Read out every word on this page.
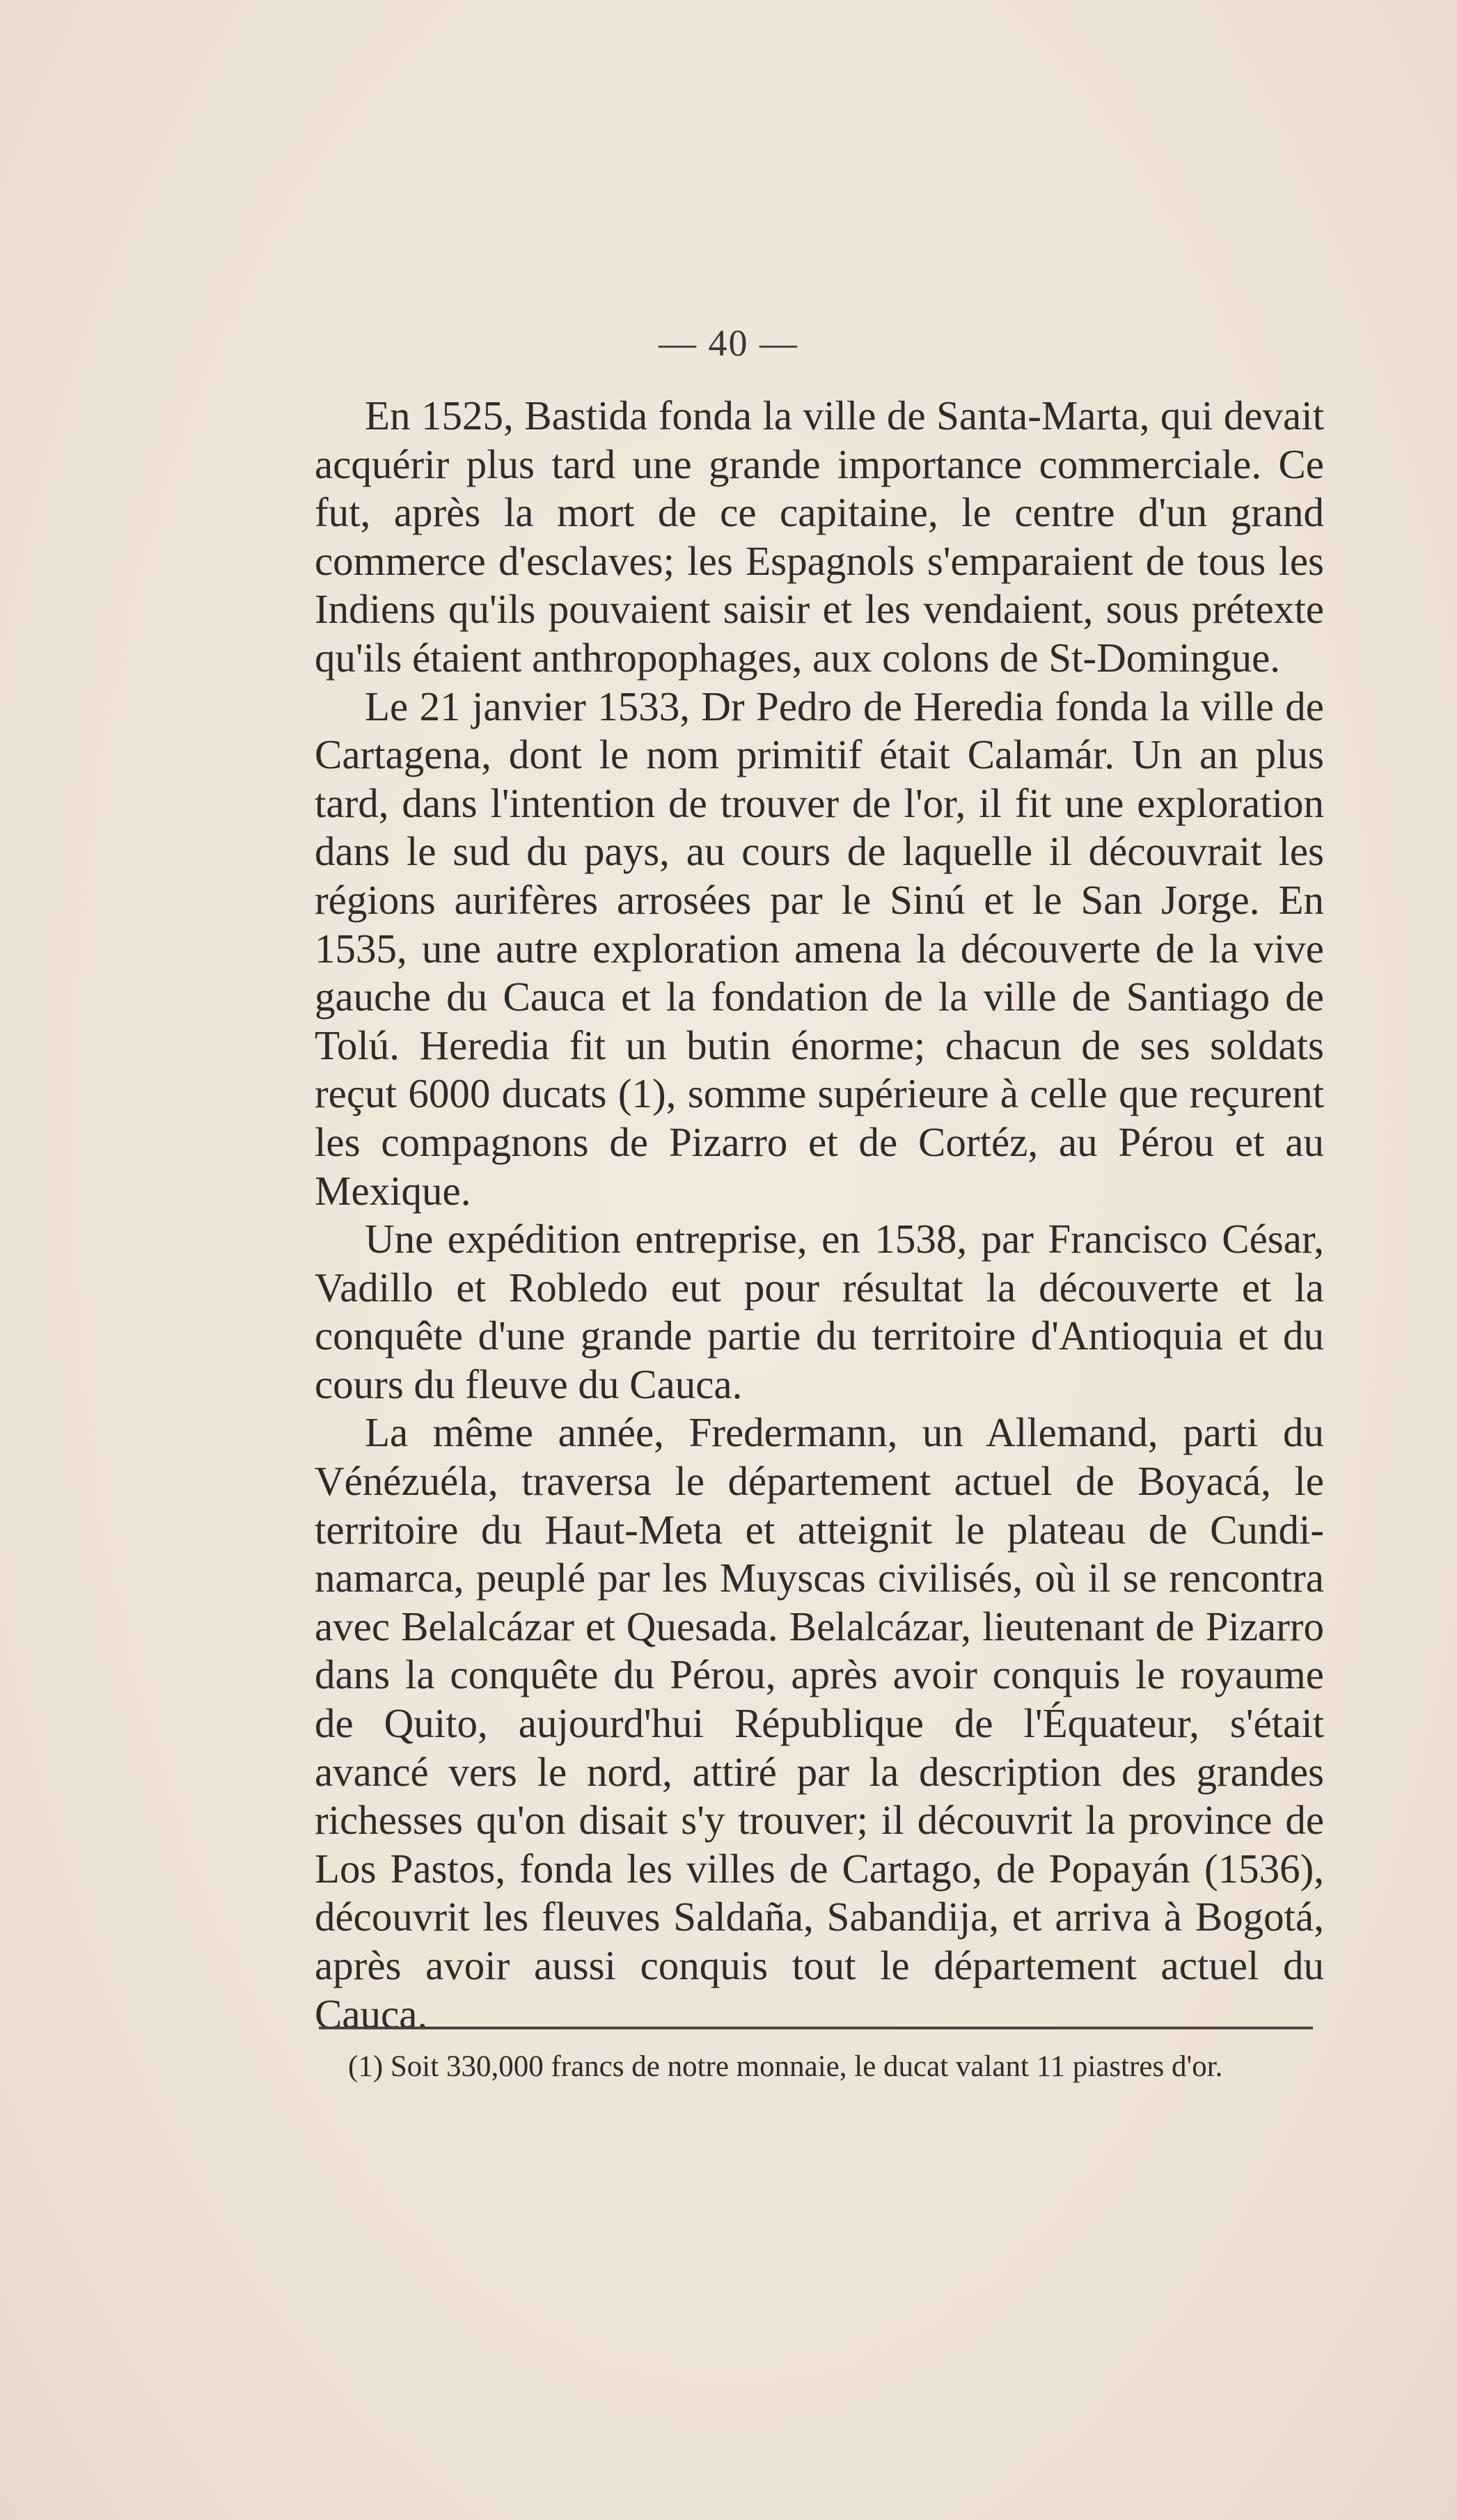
— 40 —

En 1525, Bastida fonda la ville de Santa-Marta, qui devait acquérir plus tard une grande importance commerciale. Ce fut, après la mort de ce capitaine, le centre d'un grand commerce d'esclaves; les Espagnols s'emparaient de tous les Indiens qu'ils pouvaient saisir et les vendaient, sous prétexte qu'ils étaient anthropophages, aux colons de St-Domingue.

Le 21 janvier 1533, Dr Pedro de Heredia fonda la ville de Cartagena, dont le nom primitif était Calamár. Un an plus tard, dans l'intention de trouver de l'or, il fit une exploration dans le sud du pays, au cours de laquelle il découvrait les régions aurifères arrosées par le Sinú et le San Jorge. En 1535, une autre exploration amena la découverte de la vive gauche du Cauca et la fondation de la ville de Santiago de Tolú. Heredia fit un butin énorme; chacun de ses soldats reçut 6000 ducats (1), somme supérieure à celle que reçurent les compagnons de Pizarro et de Cortéz, au Pérou et au Mexique.

Une expédition entreprise, en 1538, par Francisco César, Vadillo et Robledo eut pour résultat la découverte et la conquête d'une grande partie du territoire d'Antioquia et du cours du fleuve du Cauca.

La même année, Fredermann, un Allemand, parti du Vénézuéla, traversa le département actuel de Boyacá, le territoire du Haut-Meta et atteignit le plateau de Cundinamarca, peuplé par les Muyscas civilisés, où il se rencontra avec Belalcázar et Quesada. Belalcázar, lieutenant de Pizarro dans la conquête du Pérou, après avoir conquis le royaume de Quito, aujourd'hui République de l'Équateur, s'était avancé vers le nord, attiré par la description des grandes richesses qu'on disait s'y trouver; il découvrit la province de Los Pastos, fonda les villes de Cartago, de Popayán (1536), découvrit les fleuves Saldaña, Sabandija, et arriva à Bogotá, après avoir aussi conquis tout le département actuel du Cauca.

(1) Soit 330,000 francs de notre monnaie, le ducat valant 11 piastres d'or.
